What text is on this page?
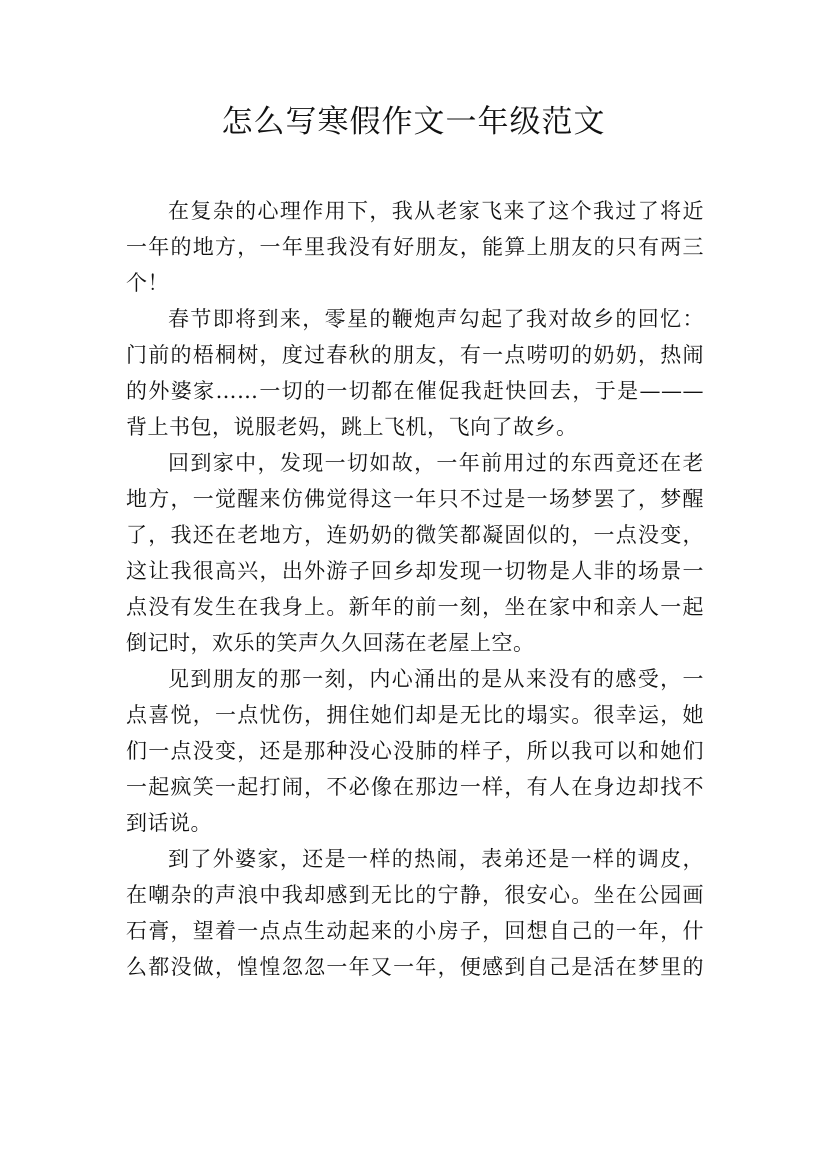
怎么写寒假作文一年级范文
在复杂的心理作用下，我从老家飞来了这个我过了将近
一年的地方，一年里我没有好朋友，能算上朋友的只有两三
个！
春节即将到来，零星的鞭炮声勾起了我对故乡的回忆：
门前的梧桐树，度过春秋的朋友，有一点唠叨的奶奶，热闹
的外婆家……一切的一切都在催促我赶快回去，于是———
背上书包，说服老妈，跳上飞机，飞向了故乡。
回到家中，发现一切如故，一年前用过的东西竟还在老
地方，一觉醒来仿佛觉得这一年只不过是一场梦罢了，梦醒
了，我还在老地方，连奶奶的微笑都凝固似的，一点没变，
这让我很高兴，出外游子回乡却发现一切物是人非的场景一
点没有发生在我身上。新年的前一刻，坐在家中和亲人一起
倒记时，欢乐的笑声久久回荡在老屋上空。
见到朋友的那一刻，内心涌出的是从来没有的感受，一
点喜悦，一点忧伤，拥住她们却是无比的塌实。很幸运，她
们一点没变，还是那种没心没肺的样子，所以我可以和她们
一起疯笑一起打闹，不必像在那边一样，有人在身边却找不
到话说。
到了外婆家，还是一样的热闹，表弟还是一样的调皮，
在嘲杂的声浪中我却感到无比的宁静，很安心。坐在公园画
石膏，望着一点点生动起来的小房子，回想自己的一年，什
么都没做，惶惶忽忽一年又一年，便感到自己是活在梦里的
